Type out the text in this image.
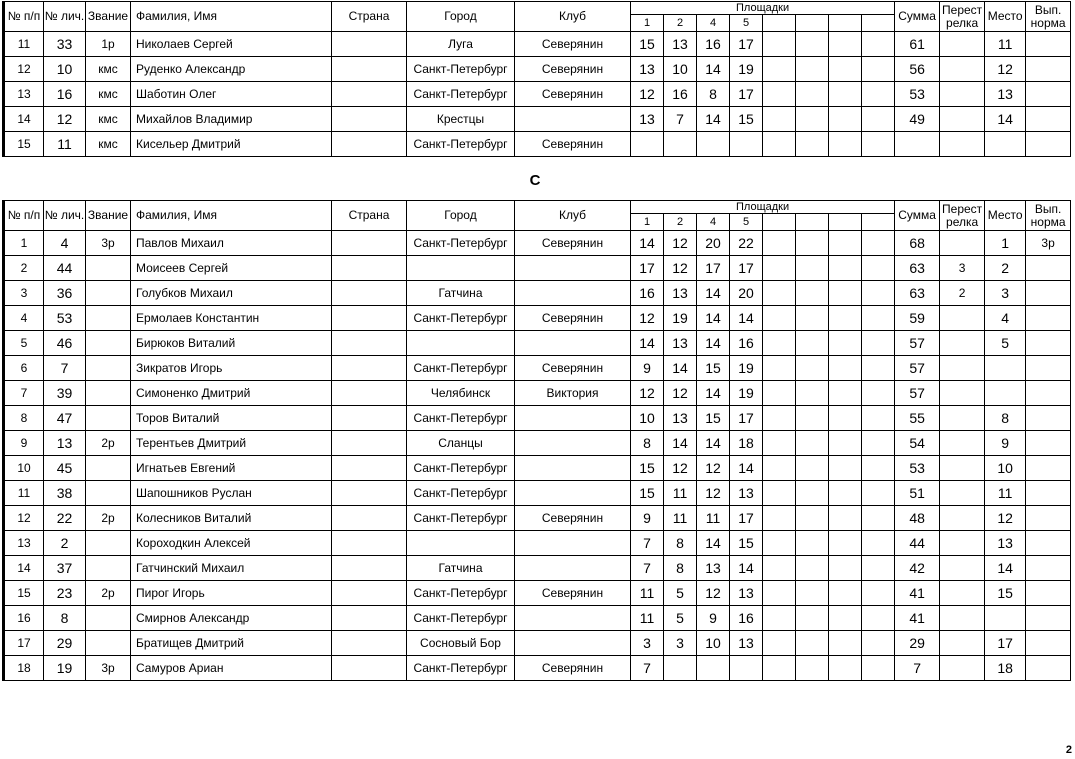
№ п/п	№ лич.	Звание	Фамилия, Имя	Страна	Город	Клуб	Площадки								Сумма	Перест релка	Место	Вып. норма
							1	2	4	5								
11	33	1р	Николаев Сергей		Луга	Северянин	15	13	16	17					61		11	
12	10	кмс	Руденко Александр		Санкт-Петербург	Северянин	13	10	14	19					56		12	
13	16	кмс	Шаботин Олег		Санкт-Петербург	Северянин	12	16	8	17					53		13	
14	12	кмс	Михайлов Владимир		Крестцы		13	7	14	15					49		14	
15	11	кмс	Кисельер Дмитрий		Санкт-Петербург	Северянин												
С
№ п/п	№ лич.	Звание	Фамилия, Имя	Страна	Город	Клуб	Площадки								Сумма	Перест релка	Место	Вып. норма
							1	2	4	5								
1	4	3р	Павлов Михаил		Санкт-Петербург	Северянин	14	12	20	22					68		1	3р
2	44		Моисеев Сергей				17	12	17	17					63	3	2	
3	36		Голубков Михаил		Гатчина		16	13	14	20					63	2	3	
4	53		Ермолаев Константин		Санкт-Петербург	Северянин	12	19	14	14					59		4	
5	46		Бирюков Виталий				14	13	14	16					57		5	
6	7		Зикратов Игорь		Санкт-Петербург	Северянин	9	14	15	19					57			
7	39		Симоненко Дмитрий		Челябинск	Виктория	12	12	14	19					57			
8	47		Торов Виталий		Санкт-Петербург		10	13	15	17					55		8	
9	13	2р	Терентьев Дмитрий		Сланцы		8	14	14	18					54		9	
10	45		Игнатьев Евгений		Санкт-Петербург		15	12	12	14					53		10	
11	38		Шапошников Руслан		Санкт-Петербург		15	11	12	13					51		11	
12	22	2р	Колесников Виталий		Санкт-Петербург	Северянин	9	11	11	17					48		12	
13	2		Короходкин Алексей				7	8	14	15					44		13	
14	37		Гатчинский Михаил		Гатчина		7	8	13	14					42		14	
15	23	2р	Пирог Игорь		Санкт-Петербург	Северянин	11	5	12	13					41		15	
16	8		Смирнов Александр		Санкт-Петербург		11	5	9	16					41			
17	29		Братищев Дмитрий		Сосновый Бор		3	3	10	13					29		17	
18	19	3р	Самуров Ариан		Санкт-Петербург	Северянин	7								7		18	
2
